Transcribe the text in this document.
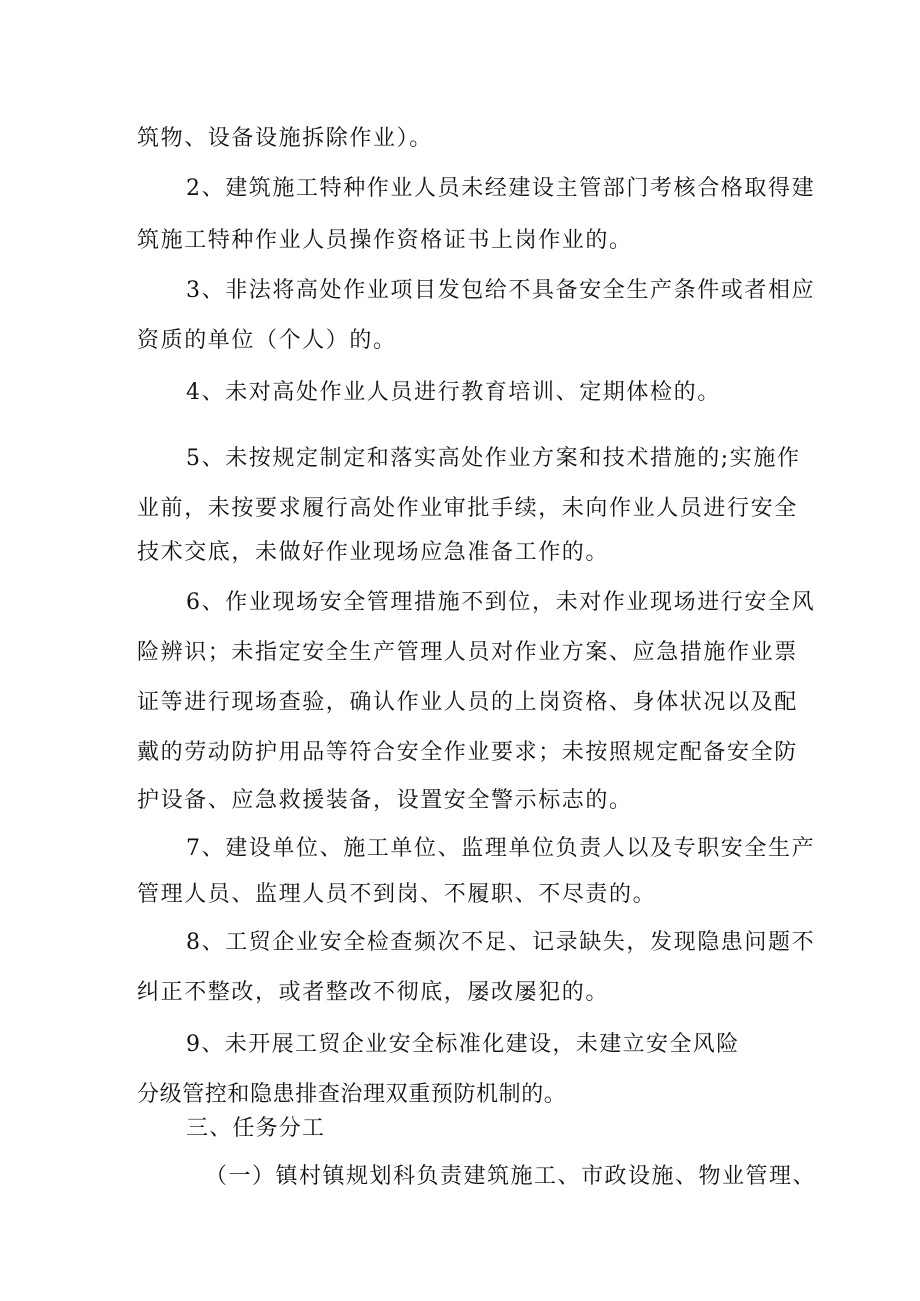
筑物、设备设施拆除作业）。
2、建筑施工特种作业人员未经建设主管部门考核合格取得建
筑施工特种作业人员操作资格证书上岗作业的。
3、非法将高处作业项目发包给不具备安全生产条件或者相应
资质的单位（个人）的。
4、未对高处作业人员进行教育培训、定期体检的。
5、未按规定制定和落实高处作业方案和技术措施的;实施作
业前，未按要求履行高处作业审批手续，未向作业人员进行安全
技术交底，未做好作业现场应急准备工作的。
6、作业现场安全管理措施不到位，未对作业现场进行安全风
险辨识；未指定安全生产管理人员对作业方案、应急措施作业票
证等进行现场查验，确认作业人员的上岗资格、身体状况以及配
戴的劳动防护用品等符合安全作业要求；未按照规定配备安全防
护设备、应急救援装备，设置安全警示标志的。
7、建设单位、施工单位、监理单位负责人以及专职安全生产
管理人员、监理人员不到岗、不履职、不尽责的。
8、工贸企业安全检查频次不足、记录缺失，发现隐患问题不
纠正不整改，或者整改不彻底，屡改屡犯的。
9、未开展工贸企业安全标准化建设，未建立安全风险
分级管控和隐患排查治理双重预防机制的。
三、任务分工
（一）镇村镇规划科负责建筑施工、市政设施、物业管理、
